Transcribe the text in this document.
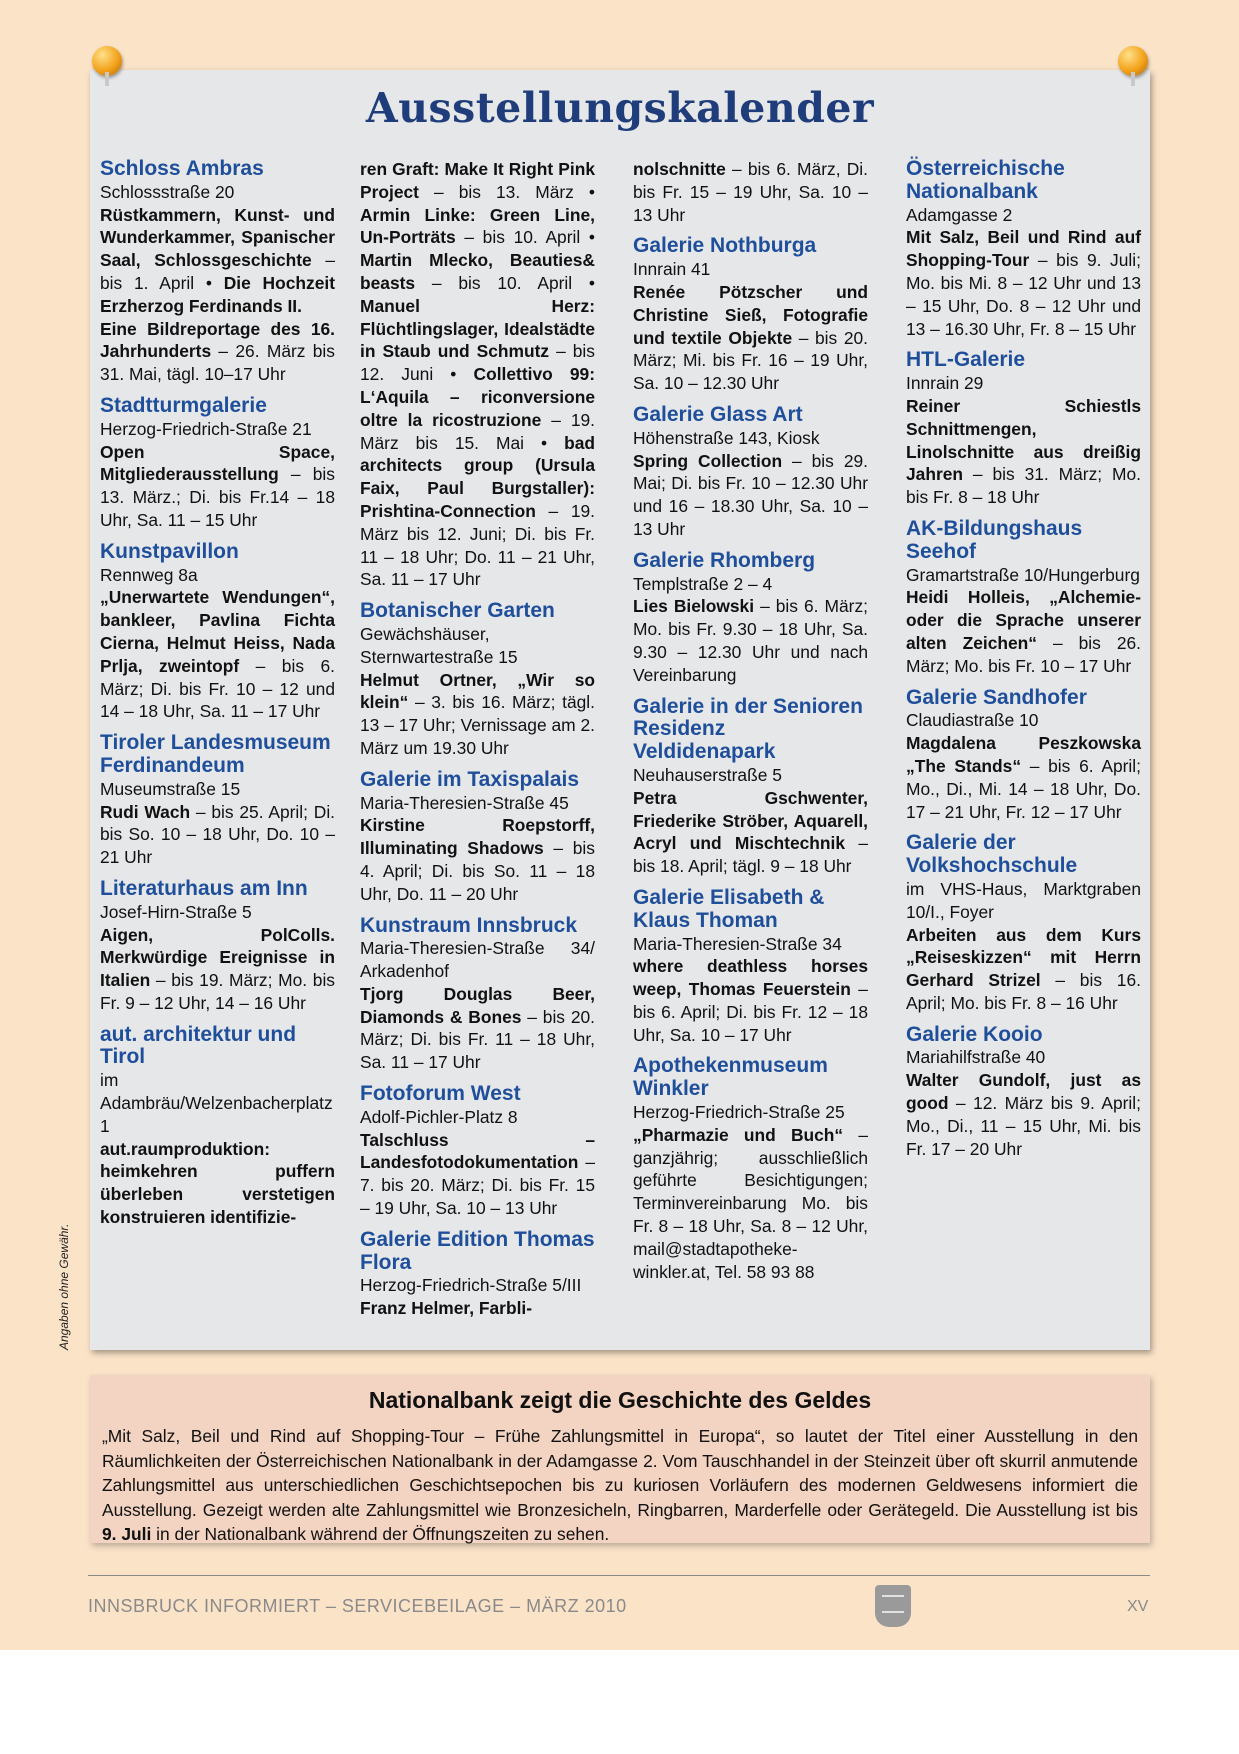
Ausstellungskalender
Schloss Ambras
Schlossstraße 20
Rüstkammern, Kunst- und Wunderkammer, Spanischer Saal, Schlossgeschichte – bis 1. April • Die Hochzeit Erzherzog Ferdinands II.
Eine Bildreportage des 16. Jahrhunderts – 26. März bis 31. Mai, tägl. 10–17 Uhr
Stadtturmgalerie
Herzog-Friedrich-Straße 21
Open Space, Mitgliederausstellung – bis 13. März.; Di. bis Fr.14 – 18 Uhr, Sa. 11 – 15 Uhr
Kunstpavillon
Rennweg 8a
„Unerwartete Wendungen“, bankleer, Pavlina Fichta Cierna, Helmut Heiss, Nada Prlja, zweintopf – bis 6. März; Di. bis Fr. 10 – 12 und 14 – 18 Uhr, Sa. 11 – 17 Uhr
Tiroler Landesmuseum Ferdinandeum
Museumstraße 15
Rudi Wach – bis 25. April; Di. bis So. 10 – 18 Uhr, Do. 10 – 21 Uhr
Literaturhaus am Inn
Josef-Hirn-Straße 5
Aigen, PolColls. Merkwürdige Ereignisse in Italien – bis 19. März; Mo. bis Fr. 9 – 12 Uhr, 14 – 16 Uhr
aut. architektur und Tirol
im Adambräu/Welzenbacherplatz 1
aut.raumproduktion: heimkehren puffern überleben verstetigen konstruieren identifizie-
ren Graft: Make It Right Pink Project – bis 13. März • Armin Linke: Green Line, Un-Porträts – bis 10. April • Martin Mlecko, Beauties& beasts – bis 10. April • Manuel Herz: Flüchtlingslager, Idealstädte in Staub und Schmutz – bis 12. Juni • Collettivo 99: L‘Aquila – riconversione oltre la ricostruzione – 19. März bis 15. Mai • bad architects group (Ursula Faix, Paul Burgstaller): Prishtina-Connection – 19. März bis 12. Juni; Di. bis Fr. 11 – 18 Uhr; Do. 11 – 21 Uhr, Sa. 11 – 17 Uhr
Botanischer Garten
Gewächshäuser, Sternwartestraße 15
Helmut Ortner, „Wir so klein“ – 3. bis 16. März; tägl. 13 – 17 Uhr; Vernissage am 2. März um 19.30 Uhr
Galerie im Taxispalais
Maria-Theresien-Straße 45
Kirstine Roepstorff, Illuminating Shadows – bis 4. April; Di. bis So. 11 – 18 Uhr, Do. 11 – 20 Uhr
Kunstraum Innsbruck
Maria-Theresien-Straße 34/ Arkadenhof
Tjorg Douglas Beer, Diamonds & Bones – bis 20. März; Di. bis Fr. 11 – 18 Uhr, Sa. 11 – 17 Uhr
Fotoforum West
Adolf-Pichler-Platz 8
Talschluss – Landesfotodokumentation – 7. bis 20. März; Di. bis Fr. 15 – 19 Uhr, Sa. 10 – 13 Uhr
Galerie Edition Thomas Flora
Herzog-Friedrich-Straße 5/III
Franz Helmer, Farbli-
nolschnitte – bis 6. März, Di. bis Fr. 15 – 19 Uhr, Sa. 10 – 13 Uhr
Galerie Nothburga
Innrain 41
Renée Pötzscher und Christine Sieß, Fotografie und textile Objekte – bis 20. März; Mi. bis Fr. 16 – 19 Uhr, Sa. 10 – 12.30 Uhr
Galerie Glass Art
Höhenstraße 143, Kiosk
Spring Collection – bis 29. Mai; Di. bis Fr. 10 – 12.30 Uhr und 16 – 18.30 Uhr, Sa. 10 – 13 Uhr
Galerie Rhomberg
Templstraße 2 – 4
Lies Bielowski – bis 6. März; Mo. bis Fr. 9.30 – 18 Uhr, Sa. 9.30 – 12.30 Uhr und nach Vereinbarung
Galerie in der Senioren Residenz Veldidenapark
Neuhauserstraße 5
Petra Gschwenter, Friederike Ströber, Aquarell, Acryl und Mischtechnik – bis 18. April; tägl. 9 – 18 Uhr
Galerie Elisabeth & Klaus Thoman
Maria-Theresien-Straße 34
where deathless horses weep, Thomas Feuerstein – bis 6. April; Di. bis Fr. 12 – 18 Uhr, Sa. 10 – 17 Uhr
Apothekenmuseum Winkler
Herzog-Friedrich-Straße 25
„Pharmazie und Buch“ – ganzjährig; ausschließlich geführte Besichtigungen; Terminvereinbarung Mo. bis Fr. 8 – 18 Uhr, Sa. 8 – 12 Uhr, mail@stadtapotheke-winkler.at, Tel. 58 93 88
Österreichische Nationalbank
Adamgasse 2
Mit Salz, Beil und Rind auf Shopping-Tour – bis 9. Juli; Mo. bis Mi. 8 – 12 Uhr und 13 – 15 Uhr, Do. 8 – 12 Uhr und 13 – 16.30 Uhr, Fr. 8 – 15 Uhr
HTL-Galerie
Innrain 29
Reiner Schiestls Schnittmengen, Linolschnitte aus dreißig Jahren – bis 31. März; Mo. bis Fr. 8 – 18 Uhr
AK-Bildungshaus Seehof
Gramartstraße 10/Hungerburg
Heidi Holleis, „Alchemie- oder die Sprache unserer alten Zeichen“ – bis 26. März; Mo. bis Fr. 10 – 17 Uhr
Galerie Sandhofer
Claudiastraße 10
Magdalena Peszkowska „The Stands“ – bis 6. April; Mo., Di., Mi. 14 – 18 Uhr, Do. 17 – 21 Uhr, Fr. 12 – 17 Uhr
Galerie der Volkshochschule
im VHS-Haus, Marktgraben 10/I., Foyer
Arbeiten aus dem Kurs „Reiseskizzen“ mit Herrn Gerhard Strizel – bis 16. April; Mo. bis Fr. 8 – 16 Uhr
Galerie Kooio
Mariahilfstraße 40
Walter Gundolf, just as good – 12. März bis 9. April; Mo., Di., 11 – 15 Uhr, Mi. bis Fr. 17 – 20 Uhr
Angaben ohne Gewähr.
Nationalbank zeigt die Geschichte des Geldes
„Mit Salz, Beil und Rind auf Shopping-Tour – Frühe Zahlungsmittel in Europa“, so lautet der Titel einer Ausstellung in den Räumlichkeiten der Österreichischen Nationalbank in der Adamgasse 2. Vom Tauschhandel in der Steinzeit über oft skurril anmutende Zahlungsmittel aus unterschiedlichen Geschichtsepochen bis zu kuriosen Vorläufern des modernen Geldwesens informiert die Ausstellung. Gezeigt werden alte Zahlungsmittel wie Bronzesicheln, Ringbarren, Marderfelle oder Gerätegeld. Die Ausstellung ist bis 9. Juli in der Nationalbank während der Öffnungszeiten zu sehen.
INNSBRUCK INFORMIERT – SERVICEBEILAGE – MÄRZ 2010	XV
